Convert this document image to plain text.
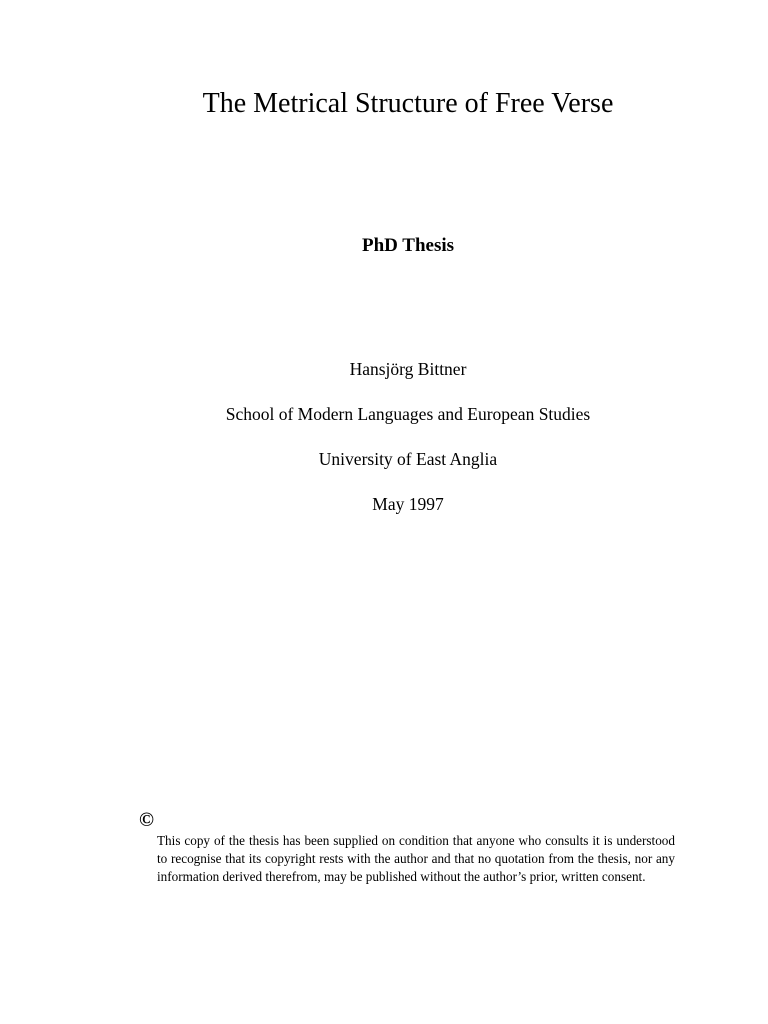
The Metrical Structure of Free Verse
PhD Thesis
Hansjörg Bittner
School of Modern Languages and European Studies
University of East Anglia
May 1997
©
This copy of the thesis has been supplied on condition that anyone who consults it is understood to recognise that its copyright rests with the author and that no quotation from the thesis, nor any information derived therefrom, may be published without the author’s prior, written consent.
